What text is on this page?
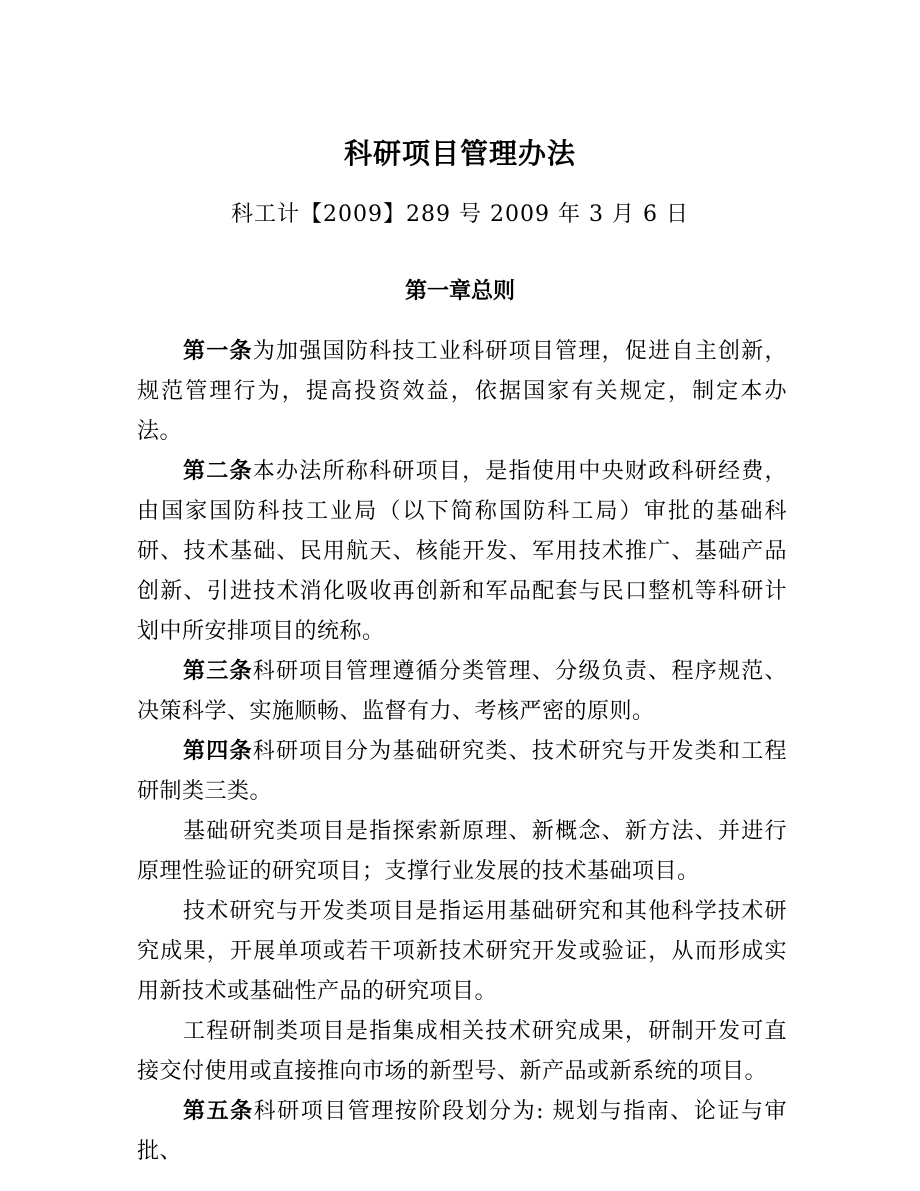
科研项目管理办法
科工计【2009】289 号 2009 年 3 月 6 日
第一章总则

第一条为加强国防科技工业科研项目管理，促进自主创新，规范管理行为，提高投资效益，依据国家有关规定，制定本办法。

第二条本办法所称科研项目，是指使用中央财政科研经费，由国家国防科技工业局（以下简称国防科工局）审批的基础科研、技术基础、民用航天、核能开发、军用技术推广、基础产品创新、引进技术消化吸收再创新和军品配套与民口整机等科研计划中所安排项目的统称。

第三条科研项目管理遵循分类管理、分级负责、程序规范、决策科学、实施顺畅、监督有力、考核严密的原则。

第四条科研项目分为基础研究类、技术研究与开发类和工程研制类三类。

基础研究类项目是指探索新原理、新概念、新方法、并进行原理性验证的研究项目；支撑行业发展的技术基础项目。

技术研究与开发类项目是指运用基础研究和其他科学技术研究成果，开展单项或若干项新技术研究开发或验证，从而形成实用新技术或基础性产品的研究项目。

工程研制类项目是指集成相关技术研究成果，研制开发可直接交付使用或直接推向市场的新型号、新产品或新系统的项目。

第五条科研项目管理按阶段划分为: 规划与指南、论证与审批、
